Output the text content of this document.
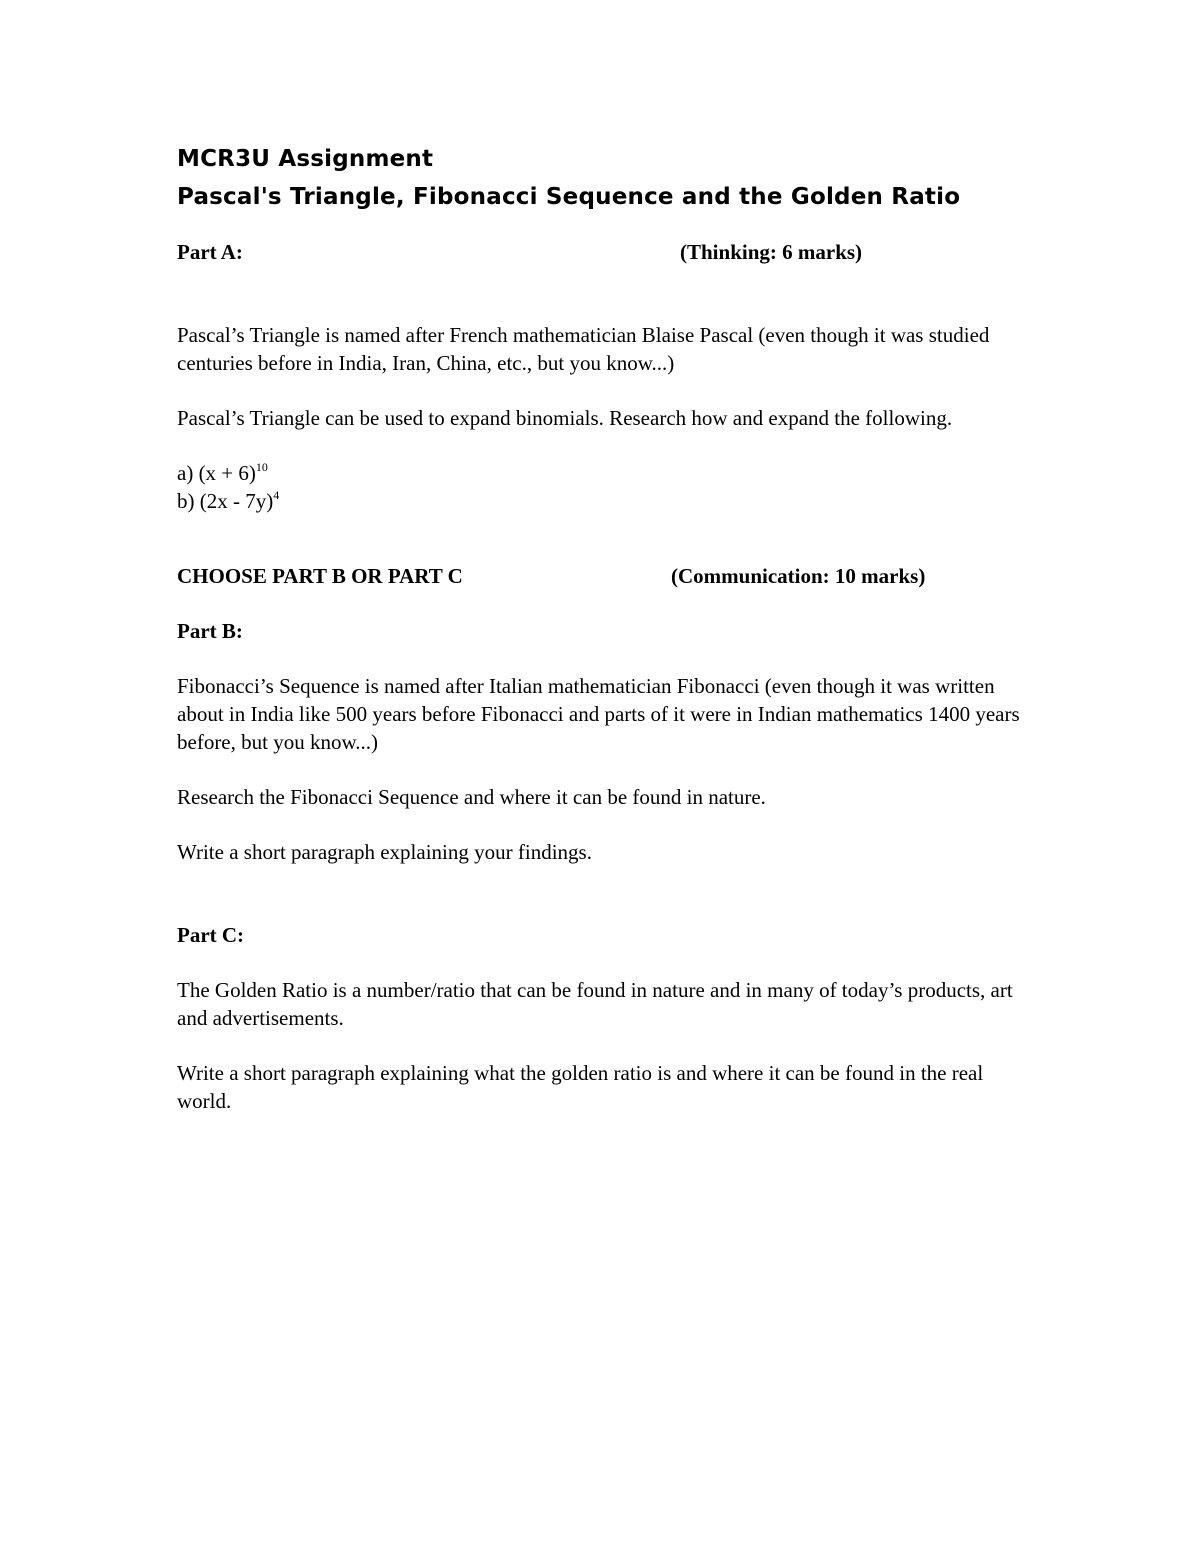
MCR3U Assignment
Pascal's Triangle, Fibonacci Sequence and the Golden Ratio
Part A:	(Thinking: 6 marks)

Pascal’s Triangle is named after French mathematician Blaise Pascal (even though it was studied centuries before in India, Iran, China, etc., but you know...)

Pascal’s Triangle can be used to expand binomials. Research how and expand the following.

a) $(x + 6)^{10}$

b) (2x - 7y)$^4$

CHOOSE PART B OR PART C	(Communication: 10 marks)

Part B:

Fibonacci’s Sequence is named after Italian mathematician Fibonacci (even though it was written about in India like 500 years before Fibonacci and parts of it were in Indian mathematics 1400 years before, but you know...)

Research the Fibonacci Sequence and where it can be found in nature.

Write a short paragraph explaining your findings.

Part C:

The Golden Ratio is a number/ratio that can be found in nature and in many of today’s products, art and advertisements.

Write a short paragraph explaining what the golden ratio is and where it can be found in the real world.
